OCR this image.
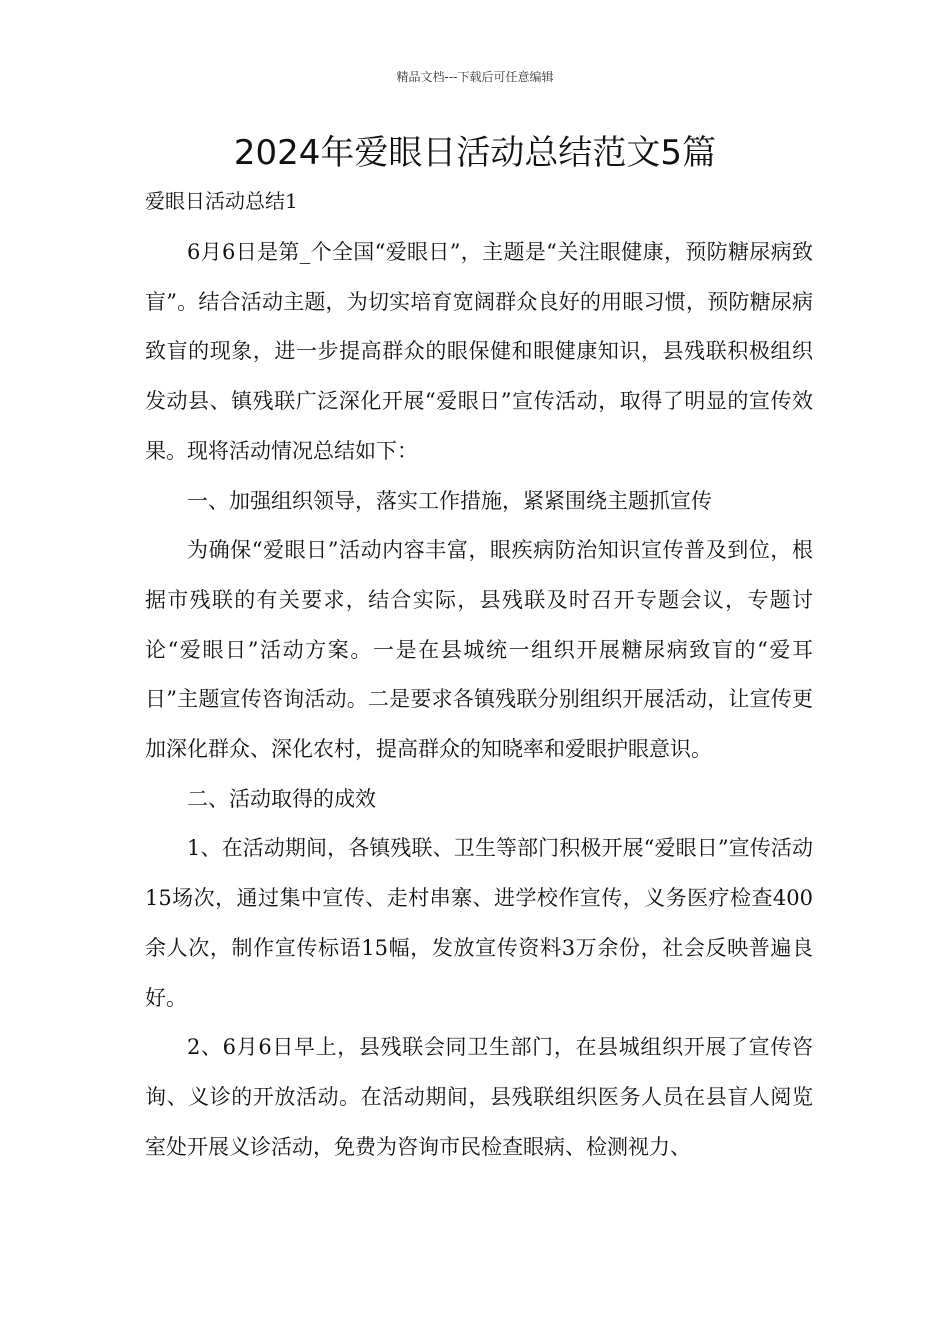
精品文档---下载后可任意编辑
2024年爱眼日活动总结范文5篇
爱眼日活动总结1

6月6日是第_个全国“爱眼日”，主题是“关注眼健康，预防糖尿病致盲”。结合活动主题，为切实培育宽阔群众良好的用眼习惯，预防糖尿病致盲的现象，进一步提高群众的眼保健和眼健康知识，县残联积极组织发动县、镇残联广泛深化开展“爱眼日”宣传活动，取得了明显的宣传效果。现将活动情况总结如下：

一、加强组织领导，落实工作措施，紧紧围绕主题抓宣传

为确保“爱眼日”活动内容丰富，眼疾病防治知识宣传普及到位，根据市残联的有关要求，结合实际，县残联及时召开专题会议，专题讨论“爱眼日”活动方案。一是在县城统一组织开展糖尿病致盲的“爱耳日”主题宣传咨询活动。二是要求各镇残联分别组织开展活动，让宣传更加深化群众、深化农村，提高群众的知晓率和爱眼护眼意识。

二、活动取得的成效

1、在活动期间，各镇残联、卫生等部门积极开展“爱眼日”宣传活动15场次，通过集中宣传、走村串寨、进学校作宣传，义务医疗检查400余人次，制作宣传标语15幅，发放宣传资料3万余份，社会反映普遍良好。

2、6月6日早上，县残联会同卫生部门，在县城组织开展了宣传咨询、义诊的开放活动。在活动期间，县残联组织医务人员在县盲人阅览室处开展义诊活动，免费为咨询市民检查眼病、检测视力、
